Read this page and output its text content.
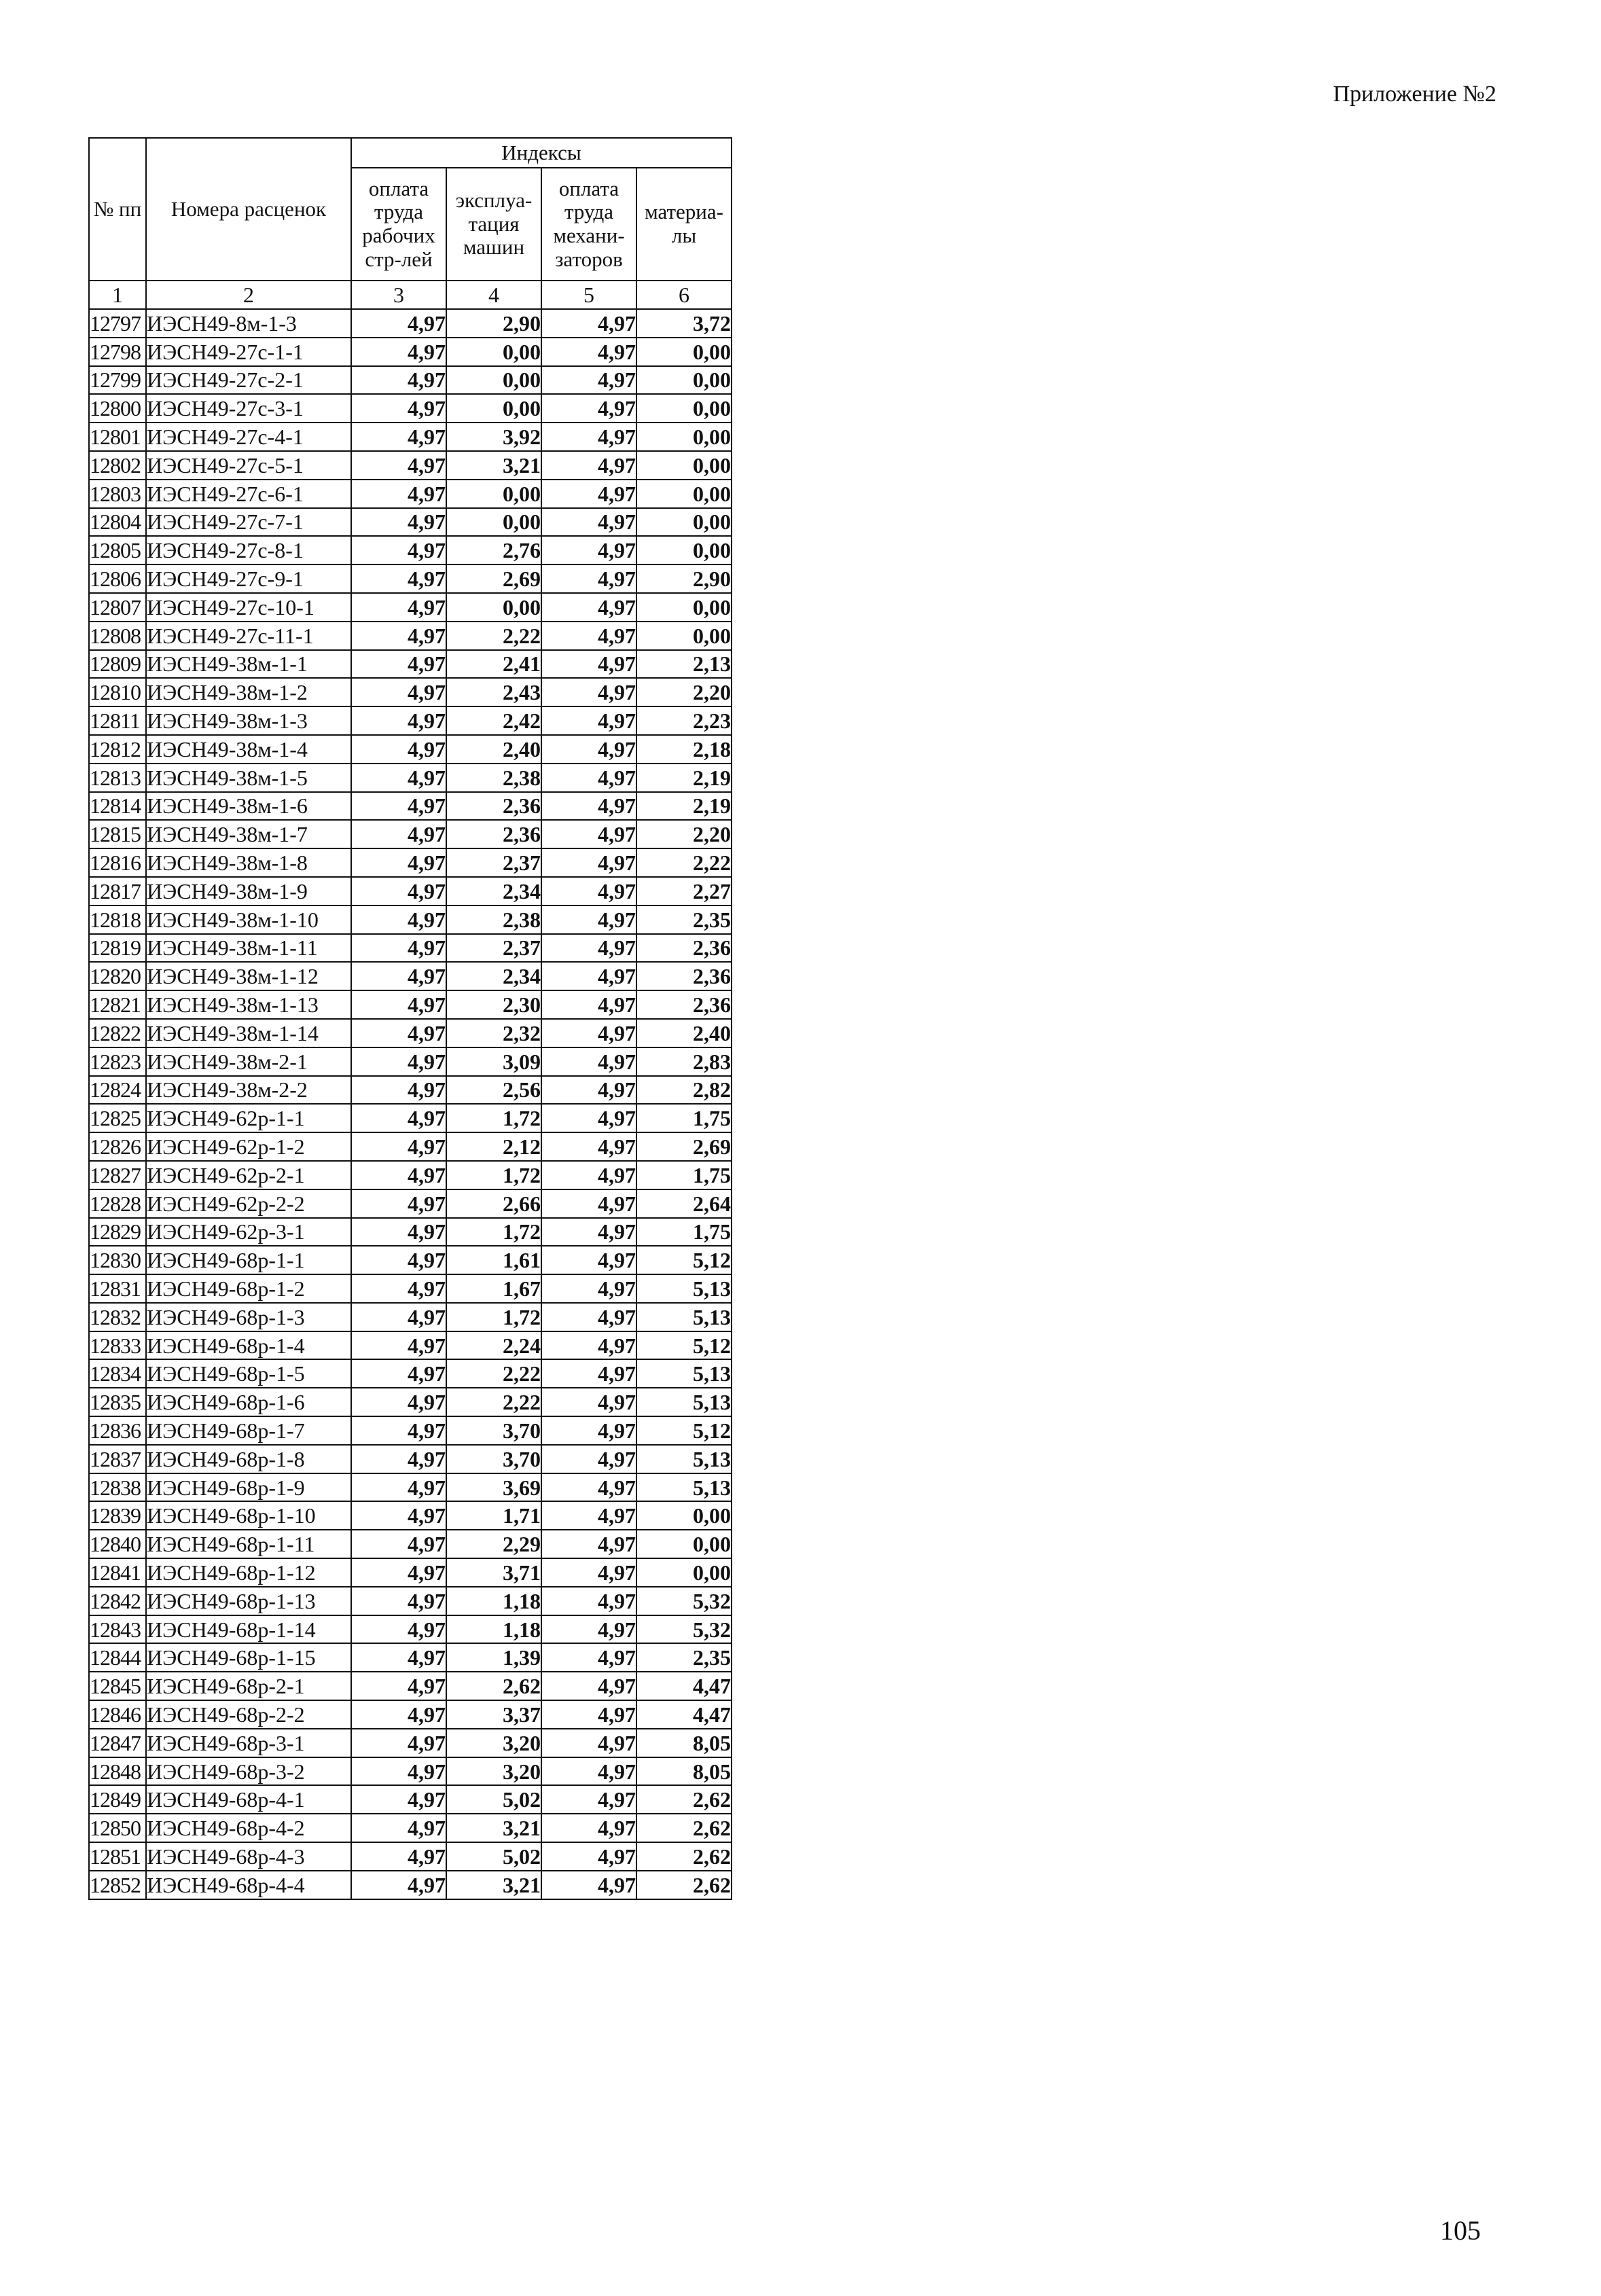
Приложение №2
№ пп	Номера расценок	Индексы			
		оплата труда рабочих стр-лей	эксплуа-тация машин	оплата труда механи-заторов	материа-лы
1	2	3	4	5	6
12797	ИЭСН49-8м-1-3	4,97	2,90	4,97	3,72
12798	ИЭСН49-27с-1-1	4,97	0,00	4,97	0,00
12799	ИЭСН49-27с-2-1	4,97	0,00	4,97	0,00
12800	ИЭСН49-27с-3-1	4,97	0,00	4,97	0,00
12801	ИЭСН49-27с-4-1	4,97	3,92	4,97	0,00
12802	ИЭСН49-27с-5-1	4,97	3,21	4,97	0,00
12803	ИЭСН49-27с-6-1	4,97	0,00	4,97	0,00
12804	ИЭСН49-27с-7-1	4,97	0,00	4,97	0,00
12805	ИЭСН49-27с-8-1	4,97	2,76	4,97	0,00
12806	ИЭСН49-27с-9-1	4,97	2,69	4,97	2,90
12807	ИЭСН49-27с-10-1	4,97	0,00	4,97	0,00
12808	ИЭСН49-27с-11-1	4,97	2,22	4,97	0,00
12809	ИЭСН49-38м-1-1	4,97	2,41	4,97	2,13
12810	ИЭСН49-38м-1-2	4,97	2,43	4,97	2,20
12811	ИЭСН49-38м-1-3	4,97	2,42	4,97	2,23
12812	ИЭСН49-38м-1-4	4,97	2,40	4,97	2,18
12813	ИЭСН49-38м-1-5	4,97	2,38	4,97	2,19
12814	ИЭСН49-38м-1-6	4,97	2,36	4,97	2,19
12815	ИЭСН49-38м-1-7	4,97	2,36	4,97	2,20
12816	ИЭСН49-38м-1-8	4,97	2,37	4,97	2,22
12817	ИЭСН49-38м-1-9	4,97	2,34	4,97	2,27
12818	ИЭСН49-38м-1-10	4,97	2,38	4,97	2,35
12819	ИЭСН49-38м-1-11	4,97	2,37	4,97	2,36
12820	ИЭСН49-38м-1-12	4,97	2,34	4,97	2,36
12821	ИЭСН49-38м-1-13	4,97	2,30	4,97	2,36
12822	ИЭСН49-38м-1-14	4,97	2,32	4,97	2,40
12823	ИЭСН49-38м-2-1	4,97	3,09	4,97	2,83
12824	ИЭСН49-38м-2-2	4,97	2,56	4,97	2,82
12825	ИЭСН49-62р-1-1	4,97	1,72	4,97	1,75
12826	ИЭСН49-62р-1-2	4,97	2,12	4,97	2,69
12827	ИЭСН49-62р-2-1	4,97	1,72	4,97	1,75
12828	ИЭСН49-62р-2-2	4,97	2,66	4,97	2,64
12829	ИЭСН49-62р-3-1	4,97	1,72	4,97	1,75
12830	ИЭСН49-68р-1-1	4,97	1,61	4,97	5,12
12831	ИЭСН49-68р-1-2	4,97	1,67	4,97	5,13
12832	ИЭСН49-68р-1-3	4,97	1,72	4,97	5,13
12833	ИЭСН49-68р-1-4	4,97	2,24	4,97	5,12
12834	ИЭСН49-68р-1-5	4,97	2,22	4,97	5,13
12835	ИЭСН49-68р-1-6	4,97	2,22	4,97	5,13
12836	ИЭСН49-68р-1-7	4,97	3,70	4,97	5,12
12837	ИЭСН49-68р-1-8	4,97	3,70	4,97	5,13
12838	ИЭСН49-68р-1-9	4,97	3,69	4,97	5,13
12839	ИЭСН49-68р-1-10	4,97	1,71	4,97	0,00
12840	ИЭСН49-68р-1-11	4,97	2,29	4,97	0,00
12841	ИЭСН49-68р-1-12	4,97	3,71	4,97	0,00
12842	ИЭСН49-68р-1-13	4,97	1,18	4,97	5,32
12843	ИЭСН49-68р-1-14	4,97	1,18	4,97	5,32
12844	ИЭСН49-68р-1-15	4,97	1,39	4,97	2,35
12845	ИЭСН49-68р-2-1	4,97	2,62	4,97	4,47
12846	ИЭСН49-68р-2-2	4,97	3,37	4,97	4,47
12847	ИЭСН49-68р-3-1	4,97	3,20	4,97	8,05
12848	ИЭСН49-68р-3-2	4,97	3,20	4,97	8,05
12849	ИЭСН49-68р-4-1	4,97	5,02	4,97	2,62
12850	ИЭСН49-68р-4-2	4,97	3,21	4,97	2,62
12851	ИЭСН49-68р-4-3	4,97	5,02	4,97	2,62
12852	ИЭСН49-68р-4-4	4,97	3,21	4,97	2,62
105
